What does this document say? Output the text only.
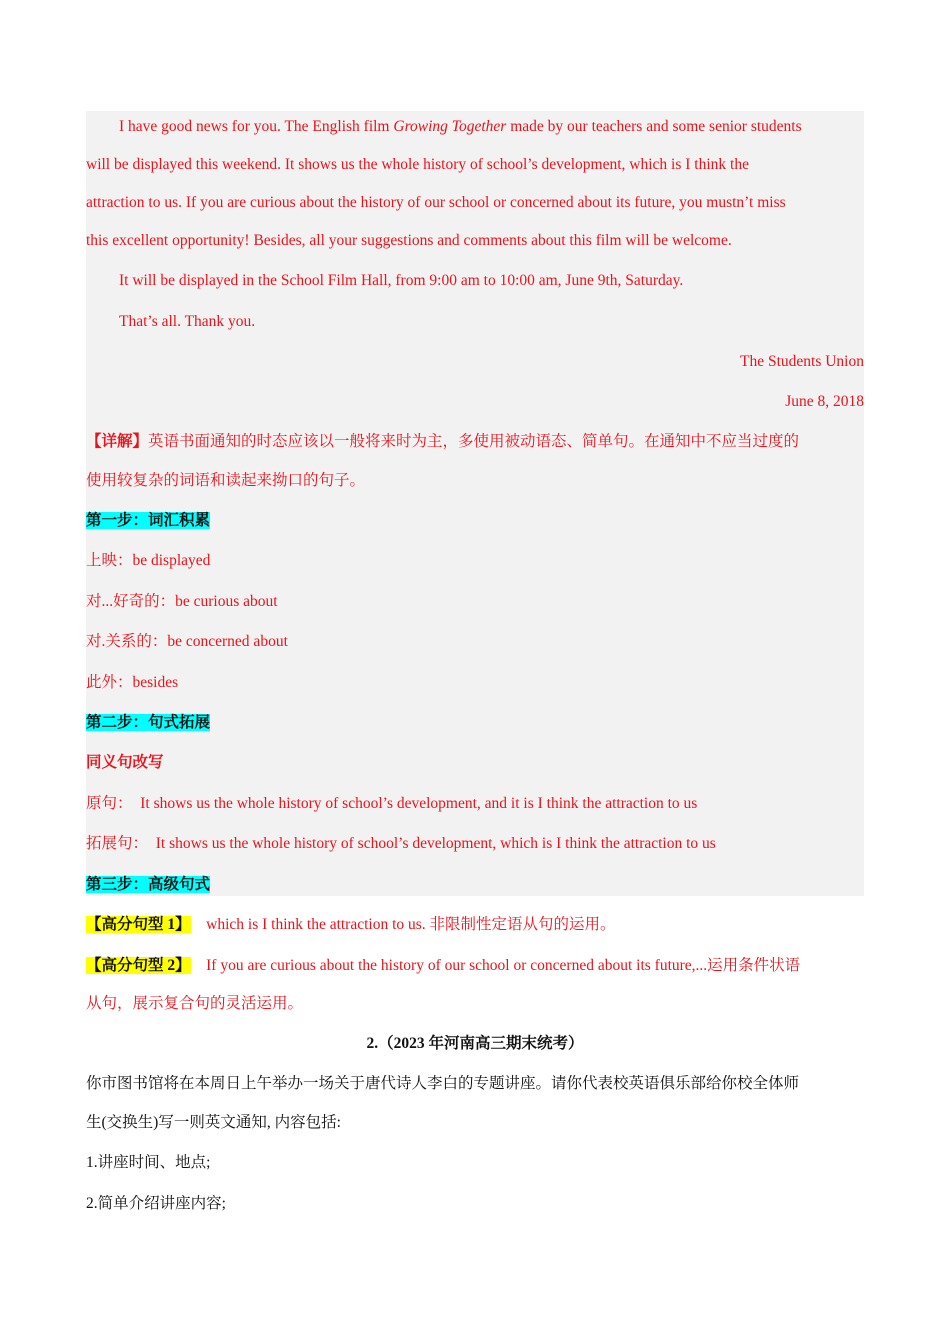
I have good news for you. The English film Growing Together made by our teachers and some senior students
will be displayed this weekend. It shows us the whole history of school’s development, which is I think the
attraction to us. If you are curious about the history of our school or concerned about its future, you mustn’t miss
this excellent opportunity! Besides, all your suggestions and comments about this film will be welcome.
It will be displayed in the School Film Hall, from 9:00 am to 10:00 am, June 9th, Saturday.
That’s all. Thank you.
The Students Union
June 8, 2018
【详解】英语书面通知的时态应该以一般将来时为主，多使用被动语态、简单句。在通知中不应当过度的
使用较复杂的词语和读起来拗口的句子。
第一步：词汇积累
上映：be displayed
对...好奇的：be curious about
对.关系的：be concerned about
此外：besides
第二步：句式拓展
同义句改写
原句：  It shows us the whole history of school’s development, and it is I think the attraction to us
拓展句：  It shows us the whole history of school’s development, which is I think the attraction to us
第三步：高级句式
【高分句型 1】    which is I think the attraction to us. 非限制性定语从句的运用。
【高分句型 2】    If you are curious about the history of our school or concerned about its future,...运用条件状语
从句，展示复合句的灵活运用。
2.（2023 年河南高三期末统考）
你市图书馆将在本周日上午举办一场关于唐代诗人李白的专题讲座。请你代表校英语俱乐部给你校全体师
生(交换生)写一则英文通知, 内容包括:
1.讲座时间、地点;
2.简单介绍讲座内容;
